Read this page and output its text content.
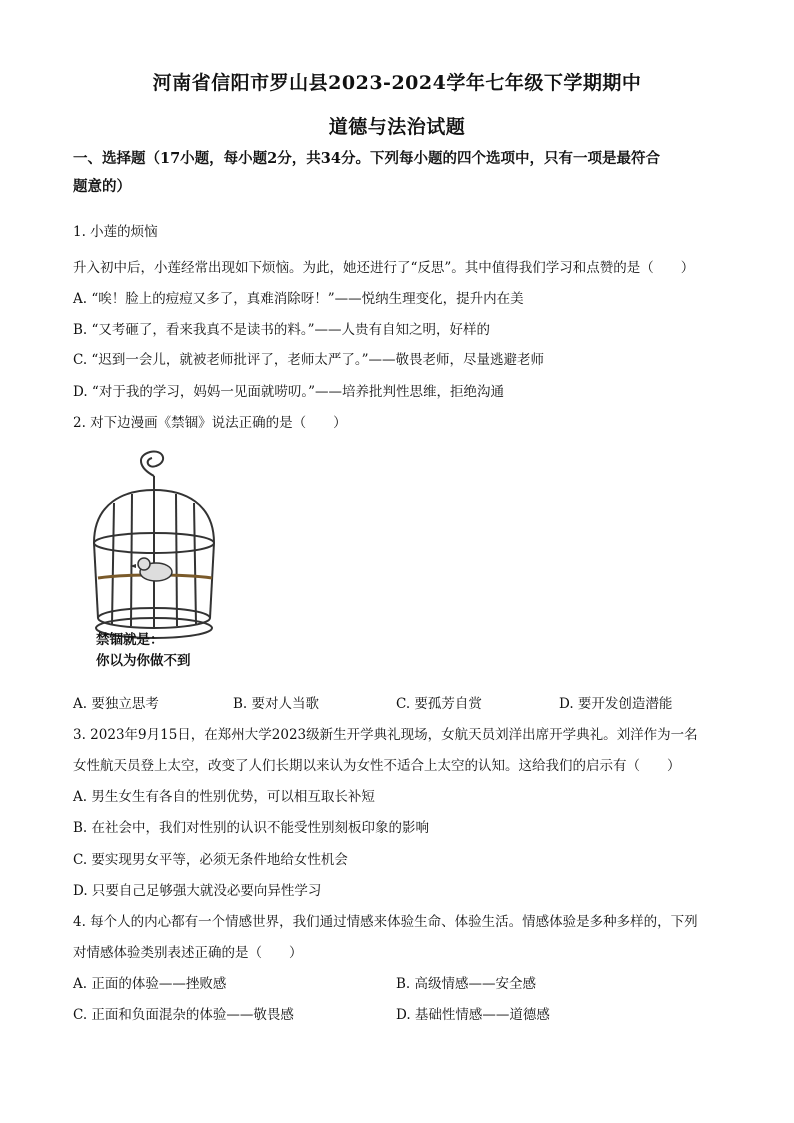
河南省信阳市罗山县2023-2024学年七年级下学期期中
道德与法治试题
一、选择题（17小题，每小题2分，共34分。下列每小题的四个选项中，只有一项是最符合
题意的）
1. 小莲的烦恼
升入初中后，小莲经常出现如下烦恼。为此，她还进行了“反思”。其中值得我们学习和点赞的是（　　）
A. “唉！脸上的痘痘又多了，真难消除呀！”——悦纳生理变化，提升内在美
B. “又考砸了，看来我真不是读书的料。”——人贵有自知之明，好样的
C. “迟到一会儿，就被老师批评了，老师太严了。”——敬畏老师，尽量逃避老师
D. “对于我的学习，妈妈一见面就唠叨。”——培养批判性思维，拒绝沟通
2. 对下边漫画《禁锢》说法正确的是（　　）
禁锢就是：
你以为你做不到
A. 要独立思考	B. 要对人当歌	C. 要孤芳自赏	D. 要开发创造潜能
3. 2023年9月15日，在郑州大学2023级新生开学典礼现场，女航天员刘洋出席开学典礼。刘洋作为一名
女性航天员登上太空，改变了人们长期以来认为女性不适合上太空的认知。这给我们的启示有（　　）
A. 男生女生有各自的性别优势，可以相互取长补短
B. 在社会中，我们对性别的认识不能受性别刻板印象的影响
C. 要实现男女平等，必须无条件地给女性机会
D. 只要自己足够强大就没必要向异性学习
4. 每个人的内心都有一个情感世界，我们通过情感来体验生命、体验生活。情感体验是多种多样的，下列
对情感体验类别表述正确的是（　　）
A. 正面的体验——挫败感	B. 高级情感——安全感
C. 正面和负面混杂的体验——敬畏感	D. 基础性情感——道德感
